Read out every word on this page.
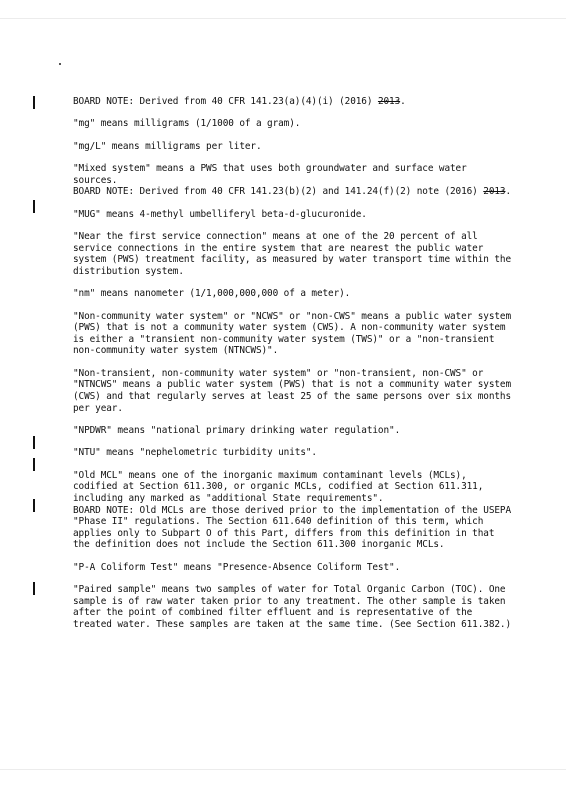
BOARD NOTE: Derived from 40 CFR 141.23(a)(4)(i) (2016) 2013.

"mg" means milligrams (1/1000 of a gram).

"mg/L" means milligrams per liter.

"Mixed system" means a PWS that uses both groundwater and surface water sources.

BOARD NOTE: Derived from 40 CFR 141.23(b)(2) and 141.24(f)(2) note (2016) 2013.

"MUG" means 4-methyl umbelliferyl beta-d-glucuronide.

"Near the first service connection" means at one of the 20 percent of all service connections in the entire system that are nearest the public water system (PWS) treatment facility, as measured by water transport time within the distribution system.

"nm" means nanometer (1/1,000,000,000 of a meter).

"Non-community water system" or "NCWS" or "non-CWS" means a public water system (PWS) that is not a community water system (CWS). A non-community water system is either a "transient non-community water system (TWS)" or a "non-transient non-community water system (NTNCWS)".

"Non-transient, non-community water system" or "non-transient, non-CWS" or "NTNCWS" means a public water system (PWS) that is not a community water system (CWS) and that regularly serves at least 25 of the same persons over six months per year.

"NPDWR" means "national primary drinking water regulation".

"NTU" means "nephelometric turbidity units".

"Old MCL" means one of the inorganic maximum contaminant levels (MCLs), codified at Section 611.300, or organic MCLs, codified at Section 611.311, including any marked as "additional State requirements".

BOARD NOTE: Old MCLs are those derived prior to the implementation of the USEPA "Phase II" regulations. The Section 611.640 definition of this term, which applies only to Subpart O of this Part, differs from this definition in that the definition does not include the Section 611.300 inorganic MCLs.

"P-A Coliform Test" means "Presence-Absence Coliform Test".

"Paired sample" means two samples of water for Total Organic Carbon (TOC). One sample is of raw water taken prior to any treatment. The other sample is taken after the point of combined filter effluent and is representative of the treated water. These samples are taken at the same time. (See Section 611.382.)
